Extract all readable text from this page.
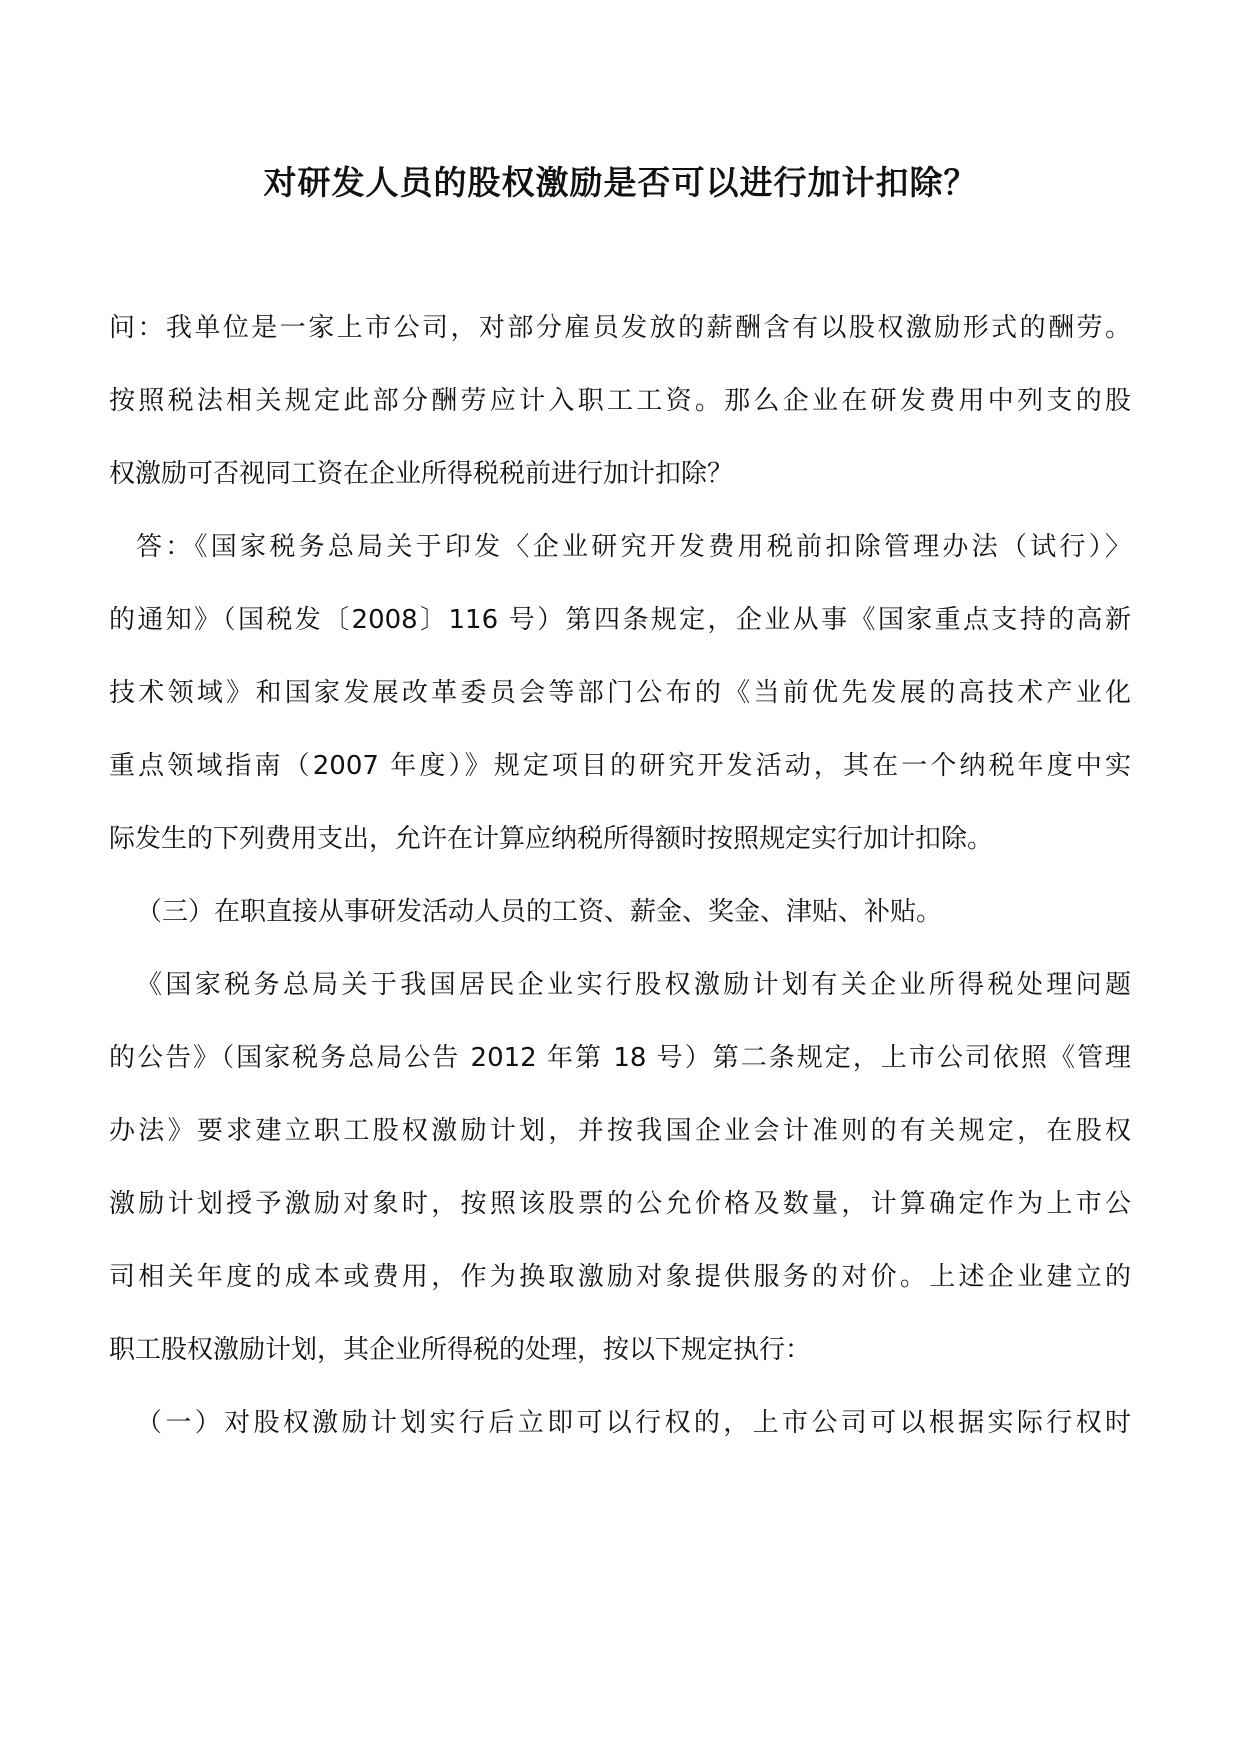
对研发人员的股权激励是否可以进行加计扣除？

问：我单位是一家上市公司，对部分雇员发放的薪酬含有以股权激励形式的酬劳。

按照税法相关规定此部分酬劳应计入职工工资。那么企业在研发费用中列支的股

权激励可否视同工资在企业所得税税前进行加计扣除？

答：《国家税务总局关于印发〈企业研究开发费用税前扣除管理办法（试行）〉

的通知》（国税发〔2008〕116 号）第四条规定，企业从事《国家重点支持的高新

技术领域》和国家发展改革委员会等部门公布的《当前优先发展的高技术产业化

重点领域指南（2007 年度）》规定项目的研究开发活动，其在一个纳税年度中实

际发生的下列费用支出，允许在计算应纳税所得额时按照规定实行加计扣除。

（三）在职直接从事研发活动人员的工资、薪金、奖金、津贴、补贴。

《国家税务总局关于我国居民企业实行股权激励计划有关企业所得税处理问题

的公告》（国家税务总局公告 2012 年第 18 号）第二条规定，上市公司依照《管理

办法》要求建立职工股权激励计划，并按我国企业会计准则的有关规定，在股权

激励计划授予激励对象时，按照该股票的公允价格及数量，计算确定作为上市公

司相关年度的成本或费用，作为换取激励对象提供服务的对价。上述企业建立的

职工股权激励计划，其企业所得税的处理，按以下规定执行：

（一）对股权激励计划实行后立即可以行权的，上市公司可以根据实际行权时
